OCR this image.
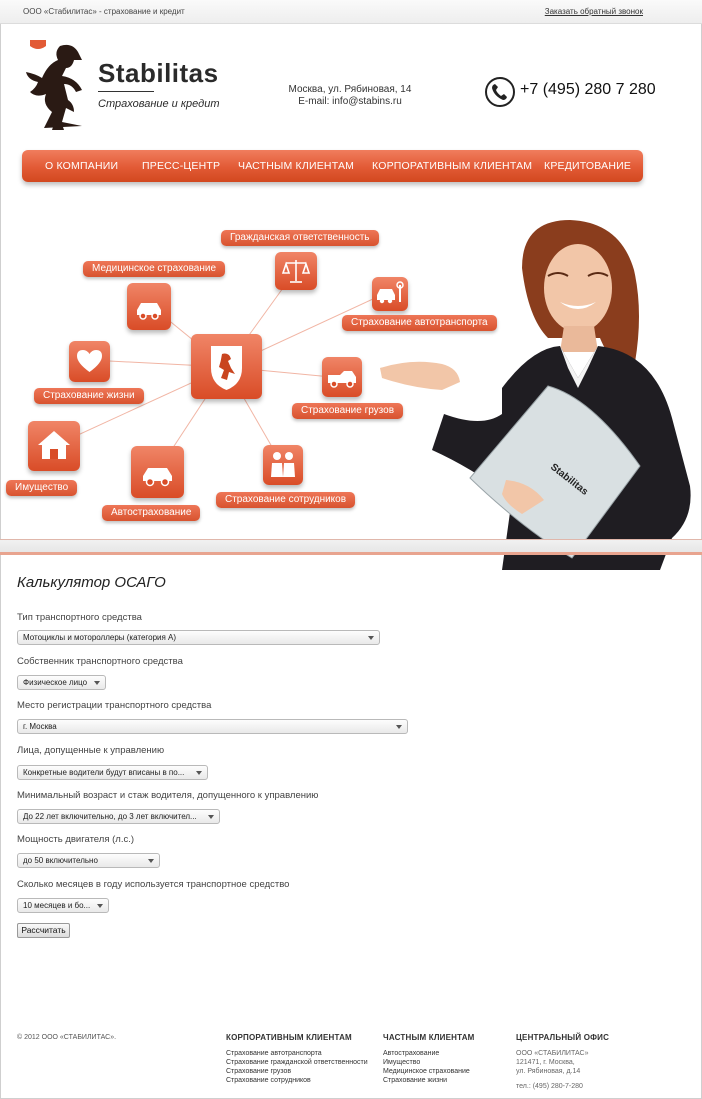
ООО «Стабилитас» - страхование и кредит	Заказать обратный звонок
Stabilitas
Страхование и кредит
Москва, ул. Рябиновая, 14
E-mail: info@stabins.ru
+7 (495) 280 7 280
О КОМПАНИИ ПРЕСС-ЦЕНТР ЧАСТНЫМ КЛИЕНТАМ КОРПОРАТИВНЫМ КЛИЕНТАМ КРЕДИТОВАНИЕ
Гражданская ответственность
Медицинское страхование
Страхование автотранспорта
Страхование жизни
Страхование грузов
Имущество
Автострахование
Страхование сотрудников
Stabilitas
Калькулятор ОСАГО
Тип транспортного средства
Мотоциклы и мотороллеры (категория А)
Собственник транспортного средства
Физическое лицо
Место регистрации транспортного средства
г. Москва
Лица, допущенные к управлению
Конкретные водители будут вписаны в по...
Минимальный возраст и стаж водителя, допущенного к управлению
До 22 лет включительно, до 3 лет включител...
Мощность двигателя (л.с.)
до 50 включительно
Сколько месяцев в году используется транспортное средство
10 месяцев и бо...
Рассчитать
© 2012 ООО «СТАБИЛИТАС».	КОРПОРАТИВНЫМ КЛИЕНТАМ
Страхование автотранспорта
Страхование гражданской ответственности
Страхование грузов
Страхование сотрудников
ЧАСТНЫМ КЛИЕНТАМ
Автострахование
Имущество
Медицинское страхование
Страхование жизни
ЦЕНТРАЛЬНЫЙ ОФИС
ООО «СТАБИЛИТАС»
121471, г. Москва,
ул. Рябиновая, д.14
тел.: (495) 280-7-280
